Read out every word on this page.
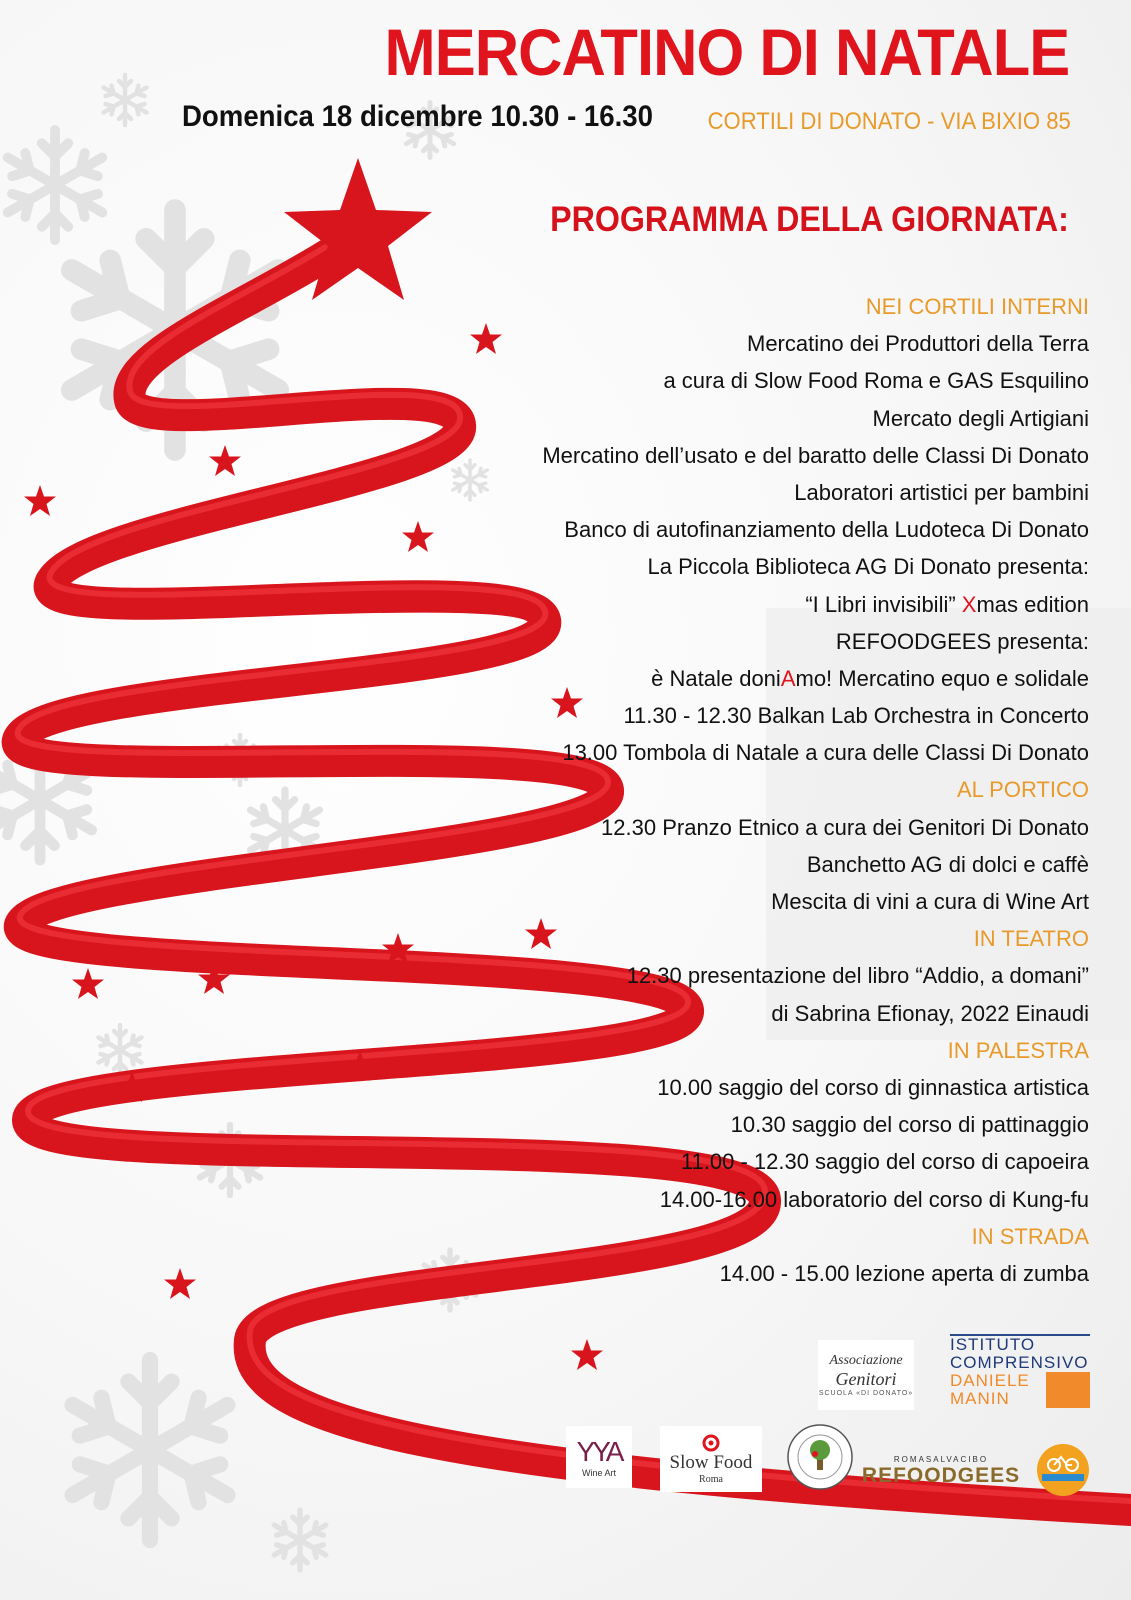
MERCATINO DI NATALE
Domenica 18 dicembre 10.30 - 16.30 CORTILI DI DONATO - VIA BIXIO 85
PROGRAMMA DELLA GIORNATA:
NEI CORTILI INTERNI
Mercatino dei Produttori della Terra
a cura di Slow Food Roma e GAS Esquilino
Mercato degli Artigiani
Mercatino dell’usato e del baratto delle Classi Di Donato
Laboratori artistici per bambini
Banco di autofinanziamento della Ludoteca Di Donato
La Piccola Biblioteca AG Di Donato presenta:
“I Libri invisibili” Xmas edition
REFOODGEES presenta:
è Natale doniAmo! Mercatino equo e solidale
11.30 - 12.30 Balkan Lab Orchestra in Concerto
13.00 Tombola di Natale a cura delle Classi Di Donato
AL PORTICO
12.30 Pranzo Etnico a cura dei Genitori Di Donato
Banchetto AG di dolci e caffè
Mescita di vini a cura di Wine Art
IN TEATRO
12.30 presentazione del libro “Addio, a domani”
di Sabrina Efionay, 2022 Einaudi
IN PALESTRA
10.00 saggio del corso di ginnastica artistica
10.30 saggio del corso di pattinaggio
11.00 - 12.30 saggio del corso di capoeira
14.00-16.00 laboratorio del corso di Kung-fu
IN STRADA
14.00 - 15.00 lezione aperta di zumba
Associazione
Genitori
SCUOLA «DI DONATO»
ISTITUTO
COMPRENSIVO
DANIELE
MANIN
YYA
Wine Art
Slow Food
Roma
ROMASALVACIBO
REFOODGEES
